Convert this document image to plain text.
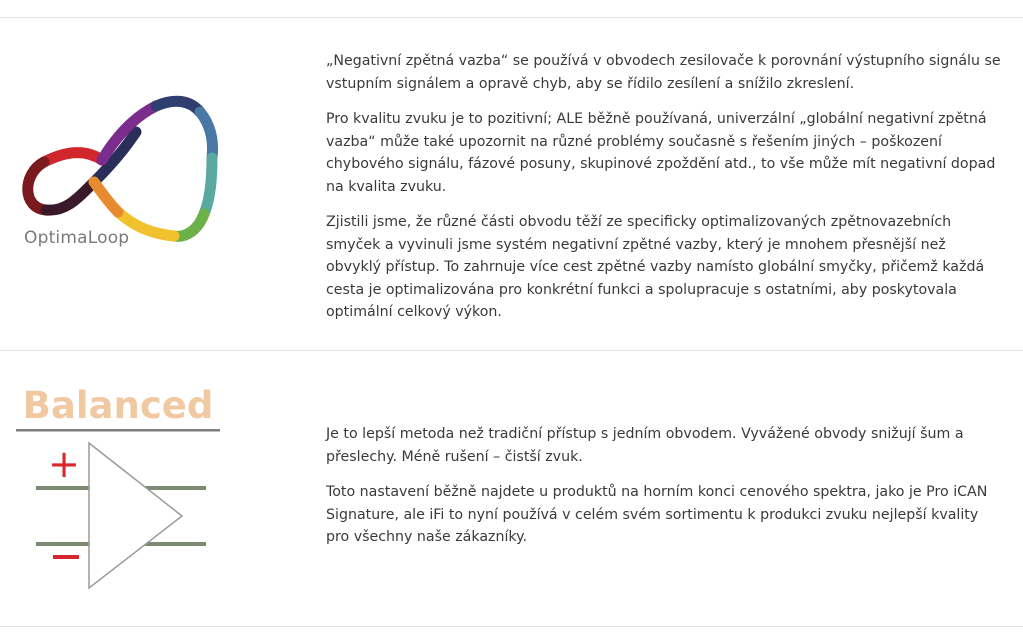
OptimaLoop

„Negativní zpětná vazba“ se používá v obvodech zesilovače k porovnání výstupního signálu se vstupním signálem a opravě chyb, aby se řídilo zesílení a snížilo zkreslení.

Pro kvalitu zvuku je to pozitivní; ALE běžně používaná, univerzální „globální negativní zpětná vazba“ může také upozornit na různé problémy současně s řešením jiných – poškození chybového signálu, fázové posuny, skupinové zpoždění atd., to vše může mít negativní dopad na kvalita zvuku.

Zjistili jsme, že různé části obvodu těží ze specificky optimalizovaných zpětnovazebních smyček a vyvinuli jsme systém negativní zpětné vazby, který je mnohem přesnější než obvyklý přístup. To zahrnuje více cest zpětné vazby namísto globální smyčky, přičemž každá cesta je optimalizována pro konkrétní funkci a spolupracuje s ostatními, aby poskytovala optimální celkový výkon.

Balanced
+

Je to lepší metoda než tradiční přístup s jedním obvodem. Vyvážené obvody snižují šum a přeslechy. Méně rušení – čistší zvuk.

Toto nastavení běžně najdete u produktů na horním konci cenového spektra, jako je Pro iCAN Signature, ale iFi to nyní používá v celém svém sortimentu k produkci zvuku nejlepší kvality pro všechny naše zákazníky.
